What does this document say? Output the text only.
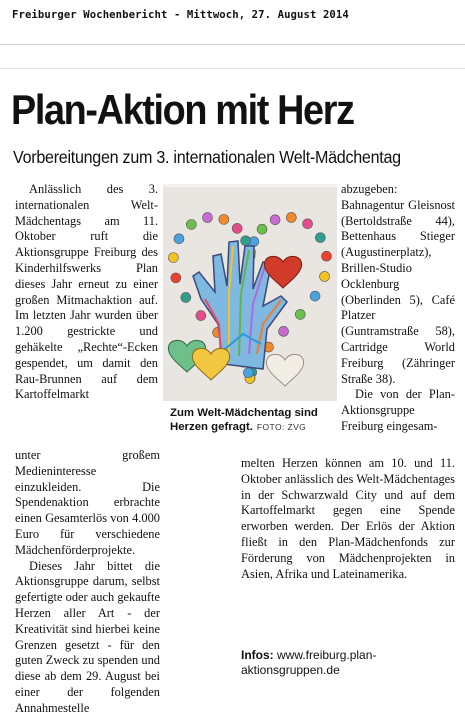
Freiburger Wochenbericht - Mittwoch, 27. August 2014
Plan-Aktion mit Herz
Vorbereitungen zum 3. internationalen Welt-Mädchentag

Anlässlich des 3. internationalen Welt-Mädchentags am 11. Oktober ruft die Aktionsgruppe Freiburg des Kinderhilfswerks Plan dieses Jahr erneut zu einer großen Mitmachaktion auf. Im letzten Jahr wurden über 1.200 gestrickte und gehäkelte „Rechte“-Ecken gespendet, um damit den Rau-Brunnen auf dem Kartoffelmarkt

Zum Welt-Mädchentag sind Herzen gefragt. FOTO: ZVG

unter großem Medieninteresse einzukleiden. Die Spendenaktion erbrachte einen Gesamterlös von 4.000 Euro für verschiedene Mädchenförderprojekte.

Dieses Jahr bittet die Aktionsgruppe darum, selbst gefertigte oder auch gekaufte Herzen aller Art - der Kreativität sind hierbei keine Grenzen gesetzt - für den guten Zweck zu spenden und diese ab dem 29. August bei einer der folgenden Annahmestelle

abzugeben: Bahnagentur Gleisnost (Bertoldstraße 44), Bettenhaus Stieger (Augustinerplatz), Brillen-Studio Ocklenburg (Oberlinden 5), Café Platzer (Guntramstraße 58), Cartridge World Freiburg (Zähringer Straße 38).

Die von der Plan-Aktionsgruppe Freiburg eingesam-

melten Herzen können am 10. und 11. Oktober anlässlich des Welt-Mädchentages in der Schwarzwald City und auf dem Kartoffelmarkt gegen eine Spende erworben werden. Der Erlös der Aktion fließt in den Plan-Mädchenfonds zur Förderung von Mädchenprojekten in Asien, Afrika und Lateinamerika.

Infos: www.freiburg.plan-aktionsgruppen.de
